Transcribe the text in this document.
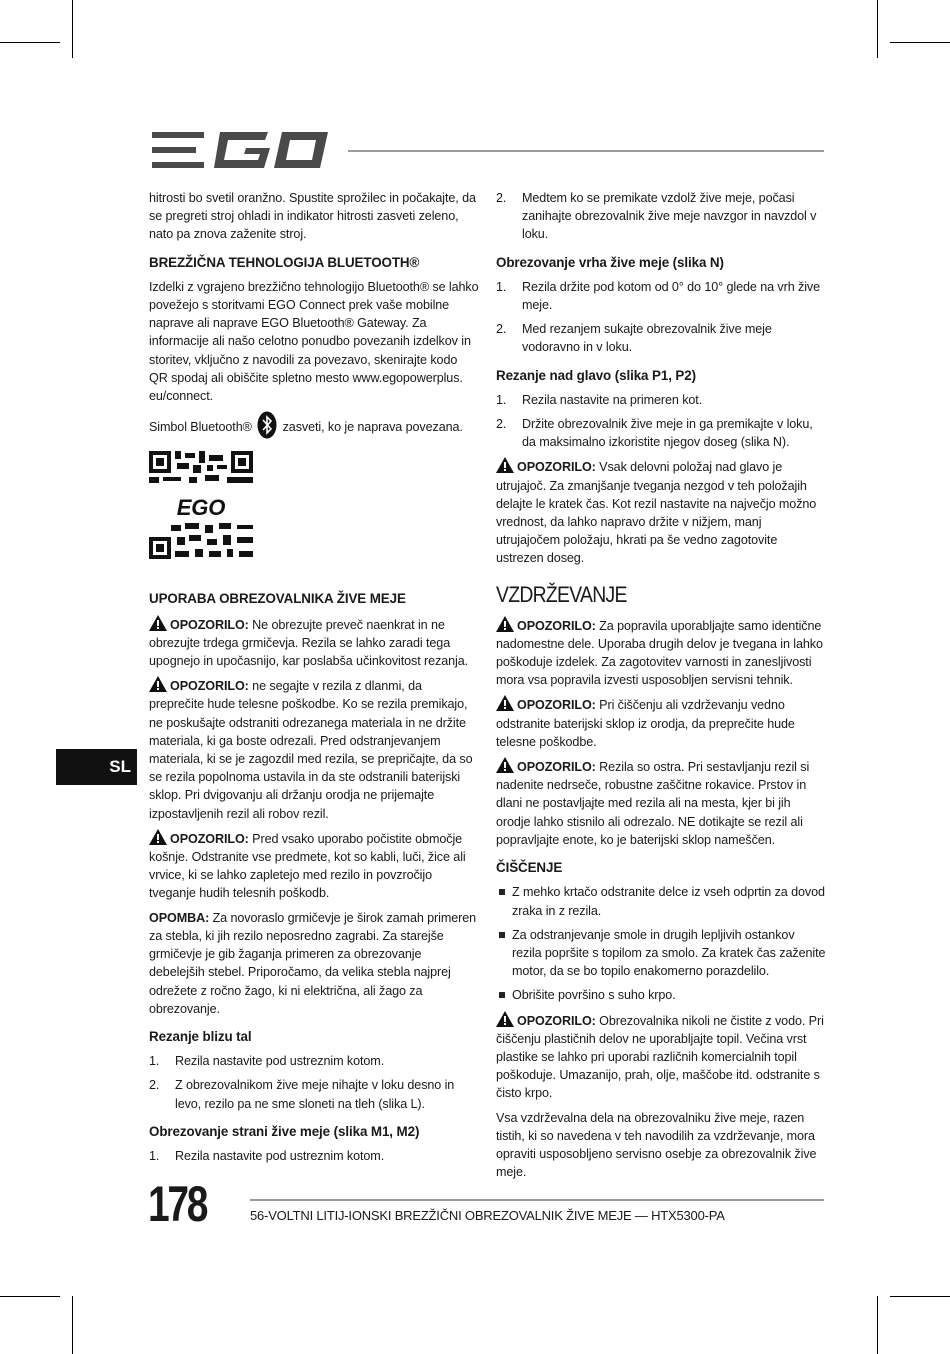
hitrosti bo svetil oranžno. Spustite sprožilec in počakajte, da se pregreti stroj ohladi in indikator hitrosti zasveti zeleno, nato pa znova zaženite stroj.

BREZŽIČNA TEHNOLOGIJA BLUETOOTH®

Izdelki z vgrajeno brezžično tehnologijo Bluetooth® se lahko povežejo s storitvami EGO Connect prek vaše mobilne naprave ali naprave EGO Bluetooth® Gateway. Za informacije ali našo celotno ponudbo povezanih izdelkov in storitev, vključno z navodili za povezavo, skenirajte kodo QR spodaj ali obiščite spletno mesto www.egopowerplus. eu/connect.

Simbol Bluetooth® zasveti, ko je naprava povezana.

EGO
UPORABA OBREZOVALNIKA ŽIVE MEJE

OPOZORILO: Ne obrezujte preveč naenkrat in ne obrezujte trdega grmičevja. Rezila se lahko zaradi tega upognejo in upočasnijo, kar poslabša učinkovitost rezanja.

OPOZORILO: ne segajte v rezila z dlanmi, da preprečite hude telesne poškodbe. Ko se rezila premikajo, ne poskušajte odstraniti odrezanega materiala in ne držite materiala, ki ga boste odrezali. Pred odstranjevanjem materiala, ki se je zagozdil med rezila, se prepričajte, da so se rezila popolnoma ustavila in da ste odstranili baterijski sklop. Pri dvigovanju ali držanju orodja ne prijemajte izpostavljenih rezil ali robov rezil.

OPOZORILO: Pred vsako uporabo počistite območje košnje. Odstranite vse predmete, kot so kabli, luči, žice ali vrvice, ki se lahko zapletejo med rezilo in povzročijo tveganje hudih telesnih poškodb.

OPOMBA: Za novoraslo grmičevje je širok zamah primeren za stebla, ki jih rezilo neposredno zagrabi. Za starejše grmičevje je gib žaganja primeren za obrezovanje debelejših stebel. Priporočamo, da velika stebla najprej odrežete z ročno žago, ki ni električna, ali žago za obrezovanje.

Rezanje blizu tal
1. Rezila nastavite pod ustreznim kotom.
2. Z obrezovalnikom žive meje nihajte v loku desno in levo, rezilo pa ne sme sloneti na tleh (slika L).
Obrezovanje strani žive meje (slika M1, M2)
1. Rezila nastavite pod ustreznim kotom.
2. Medtem ko se premikate vzdolž žive meje, počasi zanihajte obrezovalnik žive meje navzgor in navzdol v loku.
Obrezovanje vrha žive meje (slika N)
1. Rezila držite pod kotom od 0° do 10° glede na vrh žive meje.
2. Med rezanjem sukajte obrezovalnik žive meje vodoravno in v loku.
Rezanje nad glavo (slika P1, P2)
1. Rezila nastavite na primeren kot.
2. Držite obrezovalnik žive meje in ga premikajte v loku, da maksimalno izkoristite njegov doseg (slika N).

OPOZORILO: Vsak delovni položaj nad glavo je utrujajoč. Za zmanjšanje tveganja nezgod v teh položajih delajte le kratek čas. Kot rezil nastavite na največjo možno vrednost, da lahko napravo držite v nižjem, manj utrujajočem položaju, hkrati pa še vedno zagotovite ustrezen doseg.

VZDRŽEVANJE

OPOZORILO: Za popravila uporabljajte samo identične nadomestne dele. Uporaba drugih delov je tvegana in lahko poškoduje izdelek. Za zagotovitev varnosti in zanesljivosti mora vsa popravila izvesti usposobljen servisni tehnik.

OPOZORILO: Pri čiščenju ali vzdrževanju vedno odstranite baterijski sklop iz orodja, da preprečite hude telesne poškodbe.

OPOZORILO: Rezila so ostra. Pri sestavljanju rezil si nadenite nedrseče, robustne zaščitne rokavice. Prstov in dlani ne postavljajte med rezila ali na mesta, kjer bi jih orodje lahko stisnilo ali odrezalo. NE dotikajte se rezil ali popravljajte enote, ko je baterijski sklop nameščen.

ČIŠČENJE
Z mehko krtačo odstranite delce iz vseh odprtin za dovod zraka in z rezila.
Za odstranjevanje smole in drugih lepljivih ostankov rezila popršite s topilom za smolo. Za kratek čas zaženite motor, da se bo topilo enakomerno porazdelilo.
Obrišite površino s suho krpo.

OPOZORILO: Obrezovalnika nikoli ne čistite z vodo. Pri čiščenju plastičnih delov ne uporabljajte topil. Večina vrst plastike se lahko pri uporabi različnih komercialnih topil poškoduje. Umazanijo, prah, olje, maščobe itd. odstranite s čisto krpo.

Vsa vzdrževalna dela na obrezovalniku žive meje, razen tistih, ki so navedena v teh navodilih za vzdrževanje, mora opraviti usposobljeno servisno osebje za obrezovalnik žive meje.

SL
178	56-VOLTNI LITIJ-IONSKI BREZŽIČNI OBREZOVALNIK ŽIVE MEJE — HTX5300-PA
